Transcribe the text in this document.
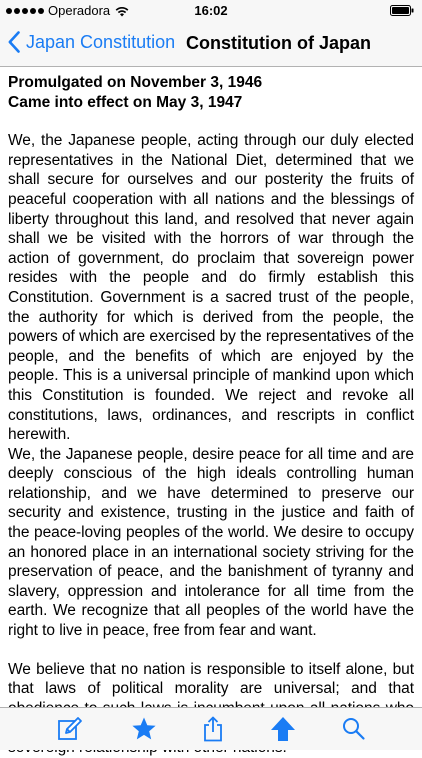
Operadora	16:02
Japan Constitution Constitution of Japan
Promulgated on November 3, 1946
Came into effect on May 3, 1947

We, the Japanese people, acting through our duly elected representatives in the National Diet, determined that we shall secure for ourselves and our posterity the fruits of peaceful cooperation with all nations and the blessings of liberty throughout this land, and resolved that never again shall we be visited with the horrors of war through the action of government, do proclaim that sovereign power resides with the people and do firmly establish this Constitution. Government is a sacred trust of the people, the authority for which is derived from the people, the powers of which are exercised by the representatives of the people, and the benefits of which are enjoyed by the people. This is a universal principle of mankind upon which this Constitution is founded. We reject and revoke all constitutions, laws, ordinances, and rescripts in conflict herewith.

We, the Japanese people, desire peace for all time and are deeply conscious of the high ideals controlling human relationship, and we have determined to preserve our security and existence, trusting in the justice and faith of the peace-loving peoples of the world. We desire to occupy an honored place in an international society striving for the preservation of peace, and the banishment of tyranny and slavery, oppression and intolerance for all time from the earth. We recognize that all peoples of the world have the right to live in peace, free from fear and want.

We believe that no nation is responsible to itself alone, but that laws of political morality are universal; and that
